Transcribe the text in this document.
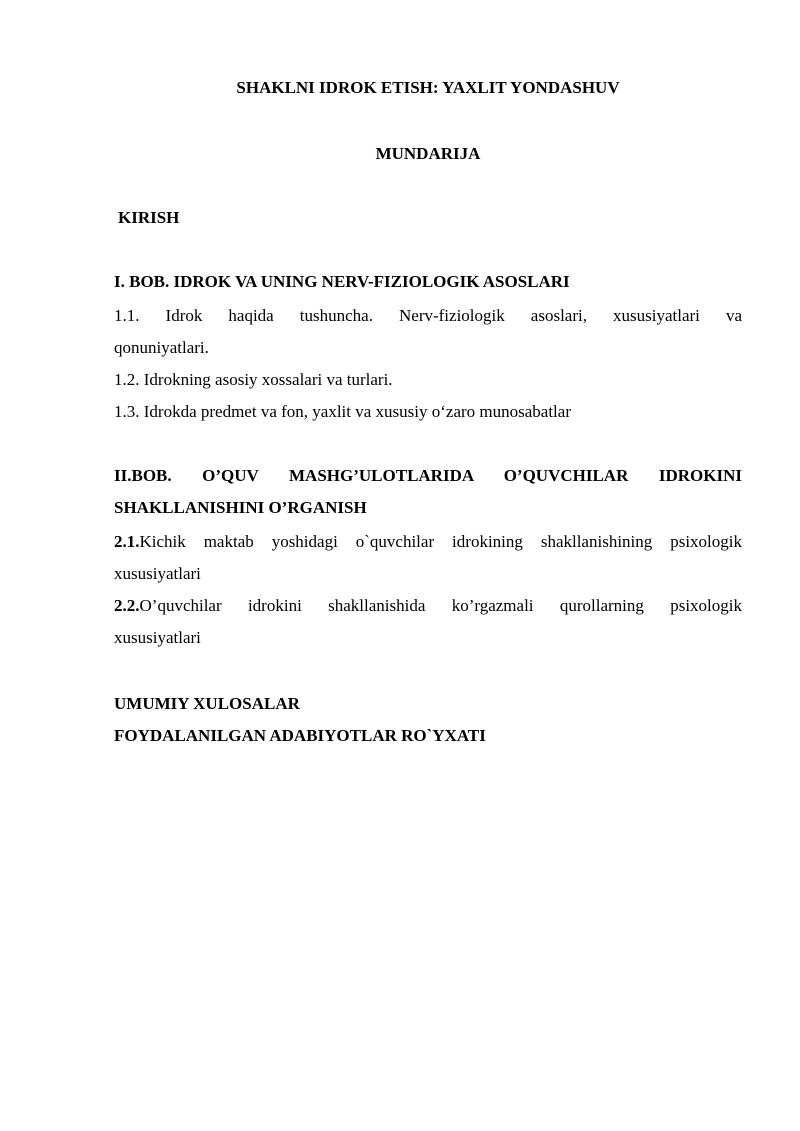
SHAKLNI IDROK ETISH: YAXLIT YONDASHUV
MUNDARIJA
KIRISH
I. BOB. IDROK VA UNING NERV-FIZIOLOGIK ASOSLARI
1.1. Idrok haqida tushuncha. Nerv-fiziologik asoslari, xususiyatlari va
qonuniyatlari.
1.2. Idrokning asosiy xossalari va turlari.
1.3. Idrokda predmet va fon, yaxlit va xususiy o‘zaro munosabatlar
II.BOB. O’QUV MASHG’ULOTLARIDA O’QUVCHILAR IDROKINI
SHAKLLANISHINI O’RGANISH
2.1.Kichik maktab yoshidagi o`quvchilar idrokining shakllanishining psixologik
xususiyatlari
2.2.O’quvchilar idrokini shakllanishida ko’rgazmali qurollarning psixologik
xususiyatlari
UMUMIY XULOSALAR
FOYDALANILGAN ADABIYOTLAR RO`YXATI
